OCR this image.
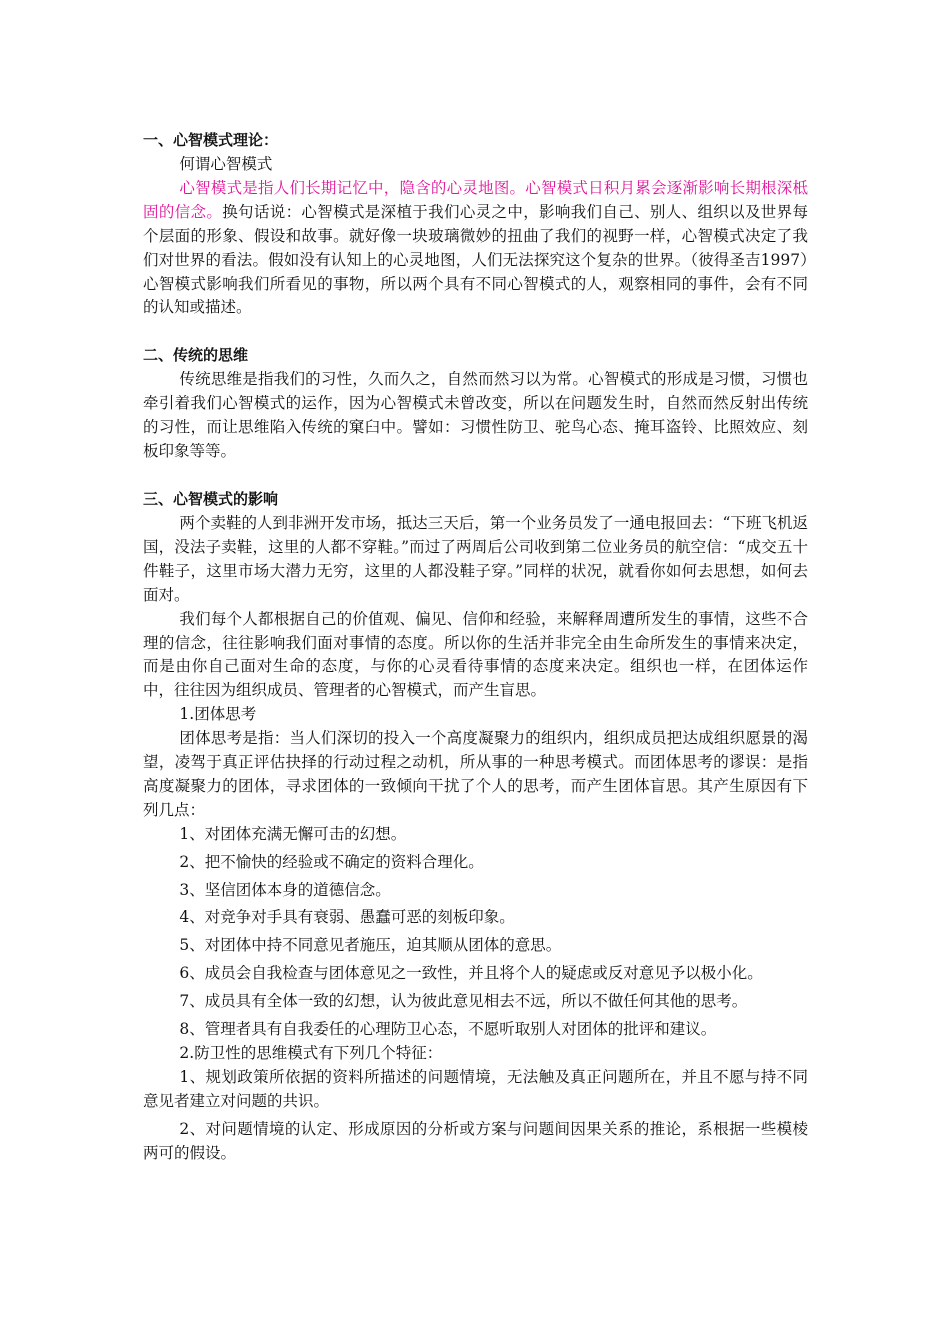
一、心智模式理论：
何谓心智模式
心智模式是指人们长期记忆中，隐含的心灵地图。心智模式日积月累会逐渐影响长期根深柢固的信念。换句话说：心智模式是深植于我们心灵之中，影响我们自己、别人、组织以及世界每个层面的形象、假设和故事。就好像一块玻璃微妙的扭曲了我们的视野一样，心智模式决定了我们对世界的看法。假如没有认知上的心灵地图，人们无法探究这个复杂的世界。（彼得圣吉1997）心智模式影响我们所看见的事物，所以两个具有不同心智模式的人，观察相同的事件，会有不同的认知或描述。
二、传统的思维
传统思维是指我们的习性，久而久之，自然而然习以为常。心智模式的形成是习惯，习惯也牵引着我们心智模式的运作，因为心智模式未曾改变，所以在问题发生时，自然而然反射出传统的习性，而让思维陷入传统的窠臼中。譬如：习惯性防卫、驼鸟心态、掩耳盗铃、比照效应、刻板印象等等。
三、心智模式的影响
两个卖鞋的人到非洲开发市场，抵达三天后，第一个业务员发了一通电报回去：“下班飞机返国，没法子卖鞋，这里的人都不穿鞋。”而过了两周后公司收到第二位业务员的航空信：“成交五十件鞋子，这里市场大潜力无穷，这里的人都没鞋子穿。”同样的状况，就看你如何去思想，如何去面对。
我们每个人都根据自己的价值观、偏见、信仰和经验，来解释周遭所发生的事情，这些不合理的信念，往往影响我们面对事情的态度。所以你的生活并非完全由生命所发生的事情来决定，而是由你自己面对生命的态度，与你的心灵看待事情的态度来决定。组织也一样，在团体运作中，往往因为组织成员、管理者的心智模式，而产生盲思。
1.团体思考
团体思考是指：当人们深切的投入一个高度凝聚力的组织内，组织成员把达成组织愿景的渴望，凌驾于真正评估抉择的行动过程之动机，所从事的一种思考模式。而团体思考的谬误：是指高度凝聚力的团体，寻求团体的一致倾向干扰了个人的思考，而产生团体盲思。其产生原因有下列几点：
1、对团体充满无懈可击的幻想。
2、把不愉快的经验或不确定的资料合理化。
3、坚信团体本身的道德信念。
4、对竞争对手具有衰弱、愚蠢可恶的刻板印象。
5、对团体中持不同意见者施压，迫其顺从团体的意思。
6、成员会自我检查与团体意见之一致性，并且将个人的疑虑或反对意见予以极小化。
7、成员具有全体一致的幻想，认为彼此意见相去不远，所以不做任何其他的思考。
8、管理者具有自我委任的心理防卫心态，不愿听取别人对团体的批评和建议。
2.防卫性的思维模式有下列几个特征：
1、规划政策所依据的资料所描述的问题情境，无法触及真正问题所在，并且不愿与持不同意见者建立对问题的共识。
2、对问题情境的认定、形成原因的分析或方案与问题间因果关系的推论，系根据一些模棱两可的假设。
